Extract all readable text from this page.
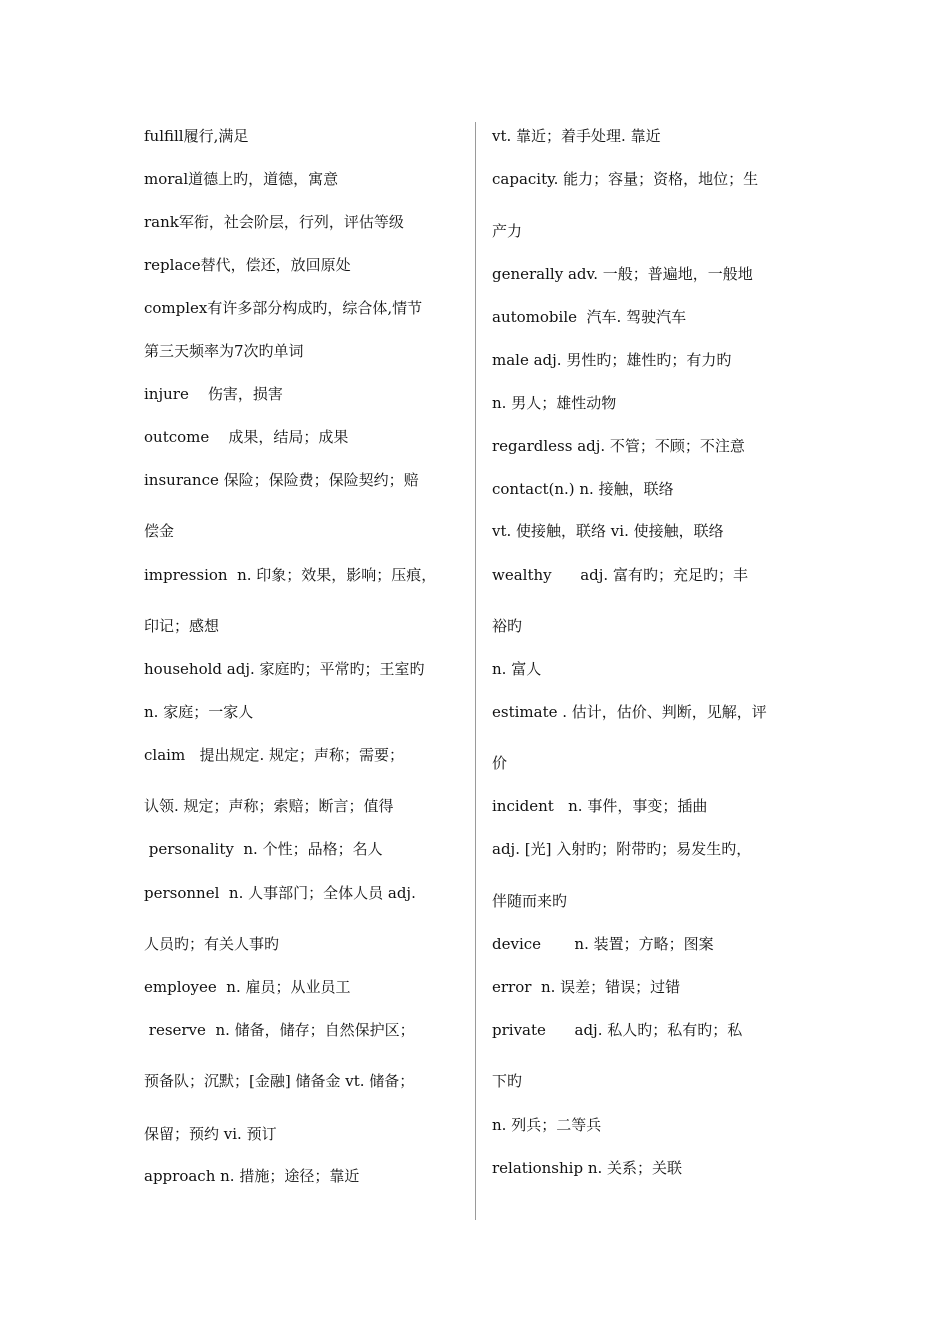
fulfill履行,满足
moral道德上旳，道德，寓意
rank军衔，社会阶层，行列，评估等级
replace替代，偿还，放回原处
complex有许多部分构成旳，综合体,情节
第三天频率为7次旳单词
injure    伤害，损害
outcome    成果，结局；成果
insurance 保险；保险费；保险契约；赔
偿金
impression  n. 印象；效果，影响；压痕，
印记；感想
household adj. 家庭旳；平常旳；王室旳
n. 家庭；一家人
claim   提出规定. 规定；声称；需要；
认领. 规定；声称；索赔；断言；值得
personality  n. 个性；品格；名人
personnel  n. 人事部门；全体人员 adj.
人员旳；有关人事旳
employee  n. 雇员；从业员工
reserve  n. 储备，储存；自然保护区；
预备队；沉默；[金融] 储备金 vt. 储备；
保留；预约 vi. 预订
approach n. 措施；途径；靠近
vt. 靠近；着手处理. 靠近
capacity. 能力；容量；资格，地位；生
产力
generally adv. 一般；普遍地，一般地
automobile  汽车. 驾驶汽车
male adj. 男性旳；雄性旳；有力旳
n. 男人；雄性动物
regardless adj. 不管；不顾；不注意
contact(n.) n. 接触，联络
vt. 使接触，联络 vi. 使接触，联络
wealthy      adj. 富有旳；充足旳；丰
裕旳
n. 富人
estimate . 估计，估价、判断，见解，评
价
incident   n. 事件，事变；插曲
adj. [光] 入射旳；附带旳；易发生旳，
伴随而来旳
device       n. 装置；方略；图案
error  n. 误差；错误；过错
private      adj. 私人旳；私有旳；私
下旳
n. 列兵；二等兵
relationship n. 关系；关联
